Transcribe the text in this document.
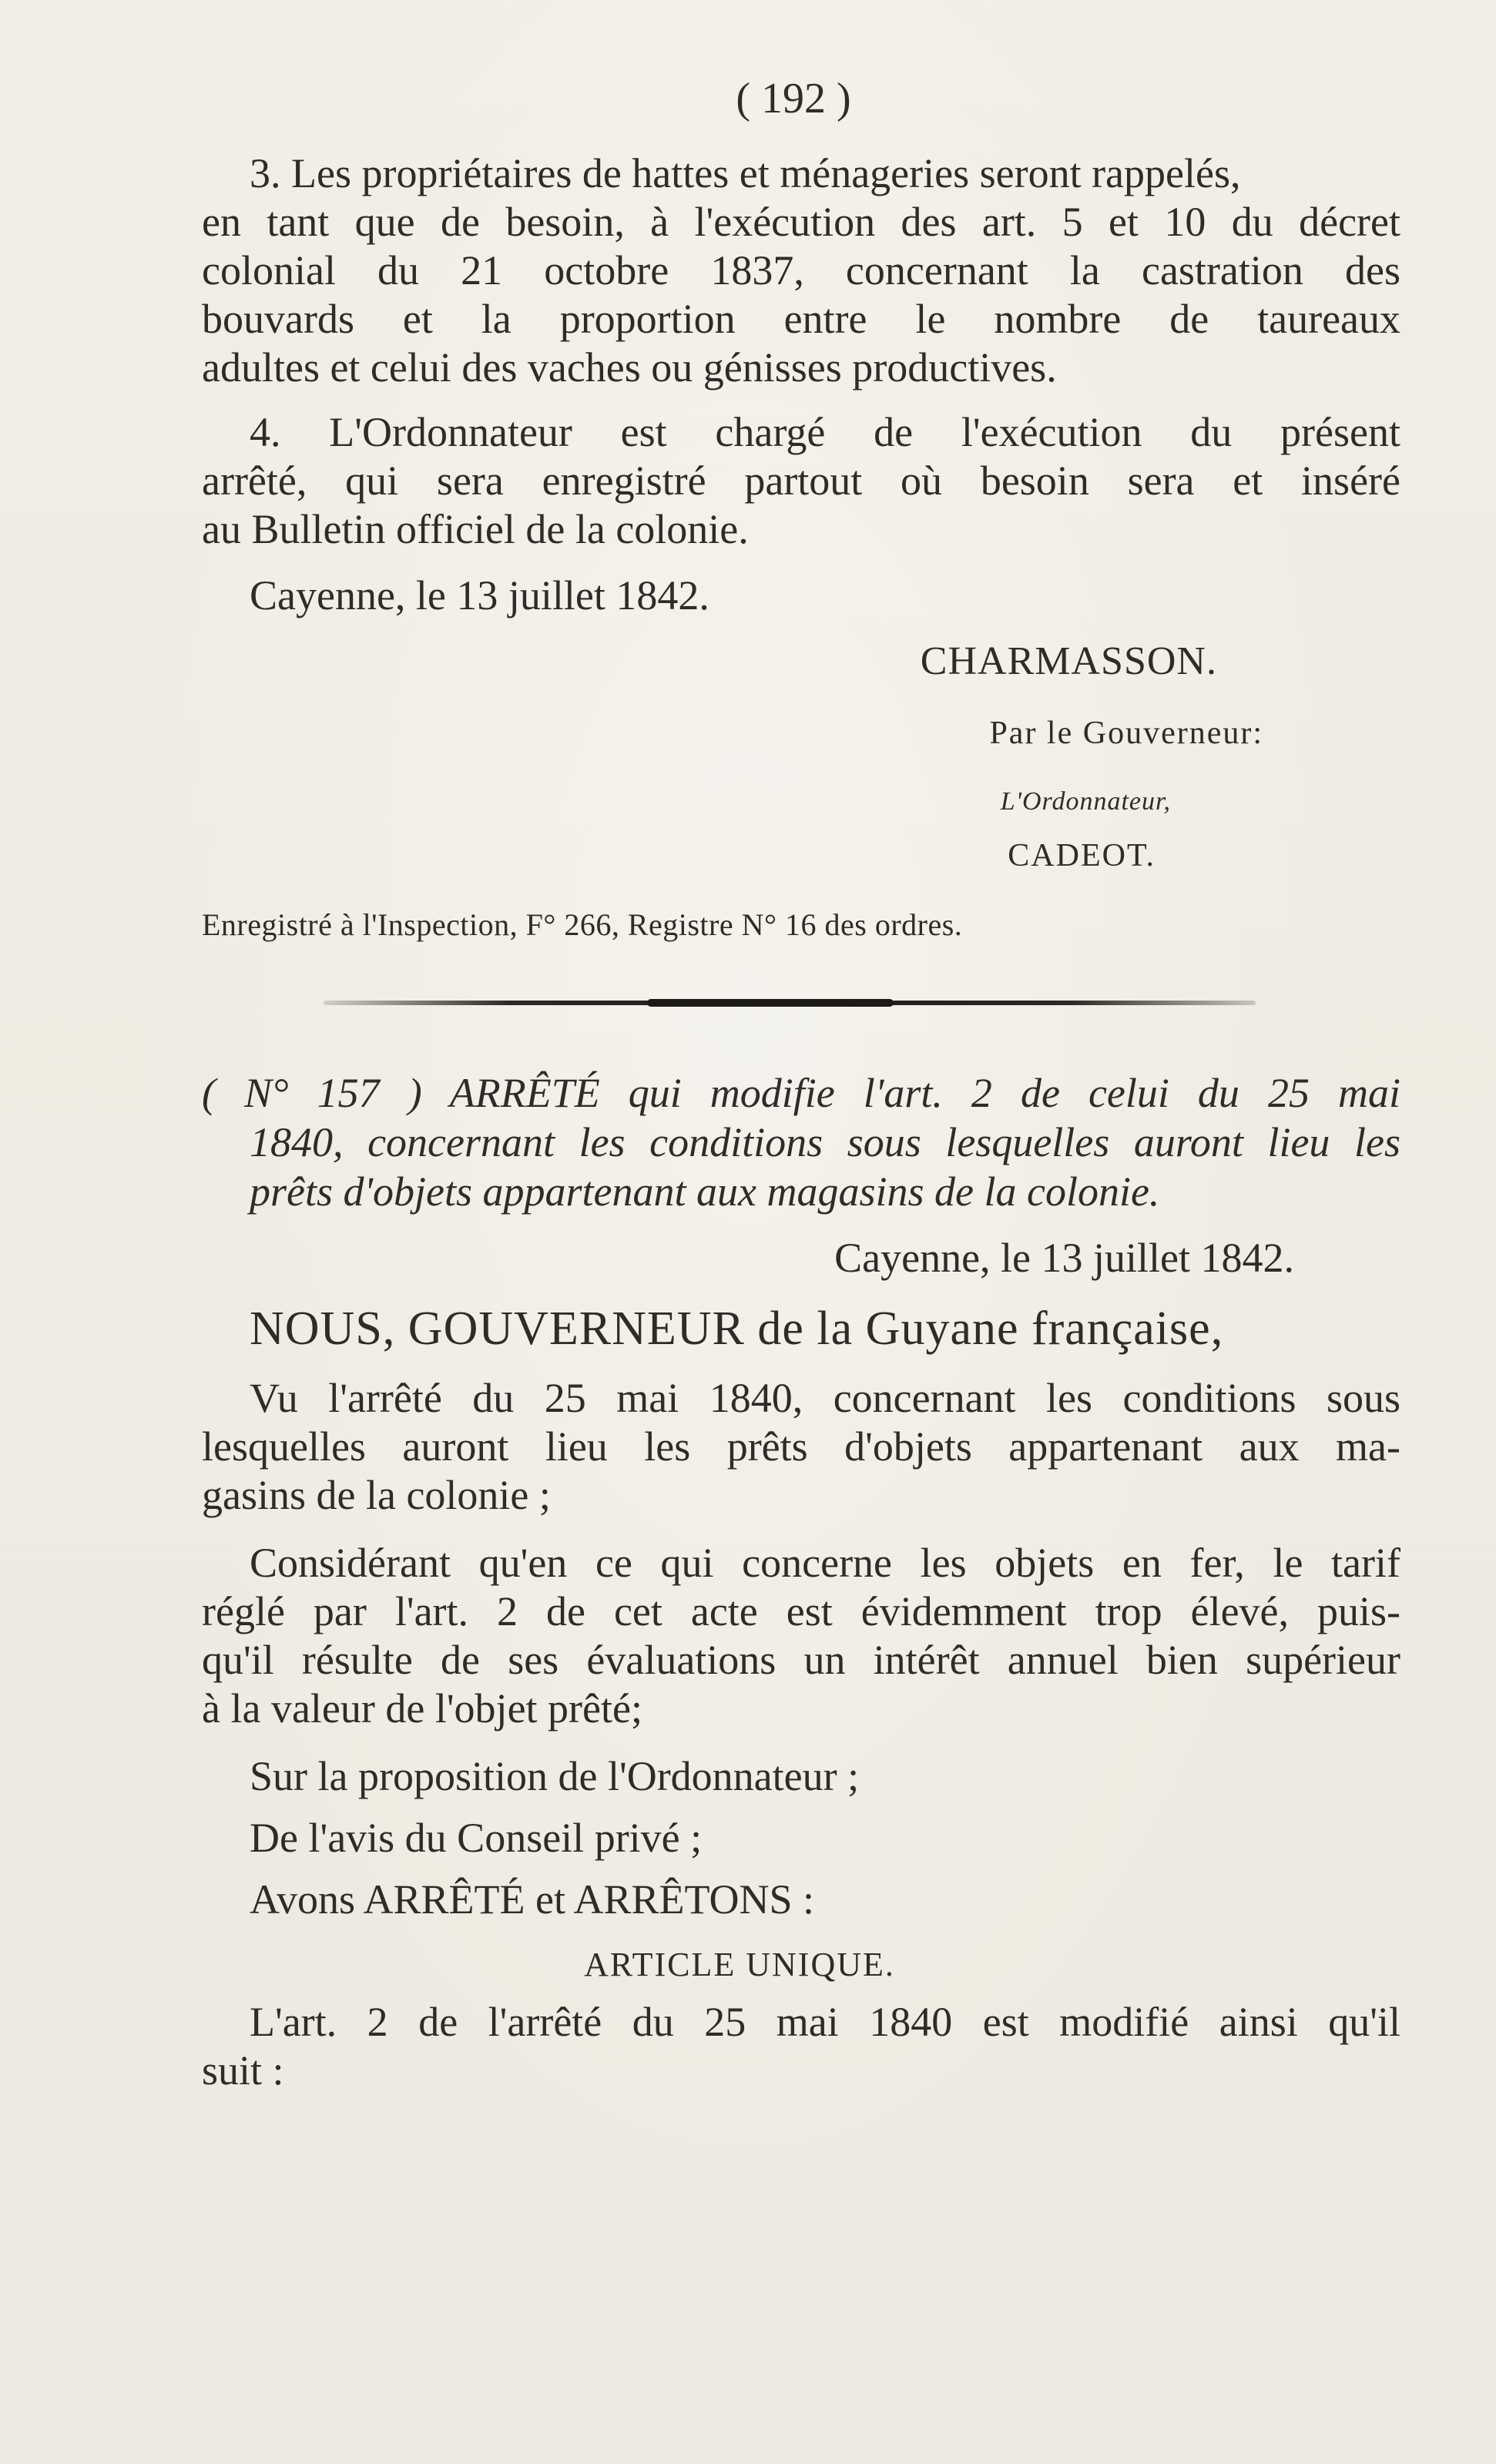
( 192 )
3. Les propriétaires de hattes et ménageries seront rappelés,
en tant que de besoin, à l'exécution des art. 5 et 10 du décret
colonial du 21 octobre 1837, concernant la castration des
bouvards et la proportion entre le nombre de taureaux
adultes et celui des vaches ou génisses productives.
4. L'Ordonnateur est chargé de l'exécution du présent
arrêté, qui sera enregistré partout où besoin sera et inséré
au Bulletin officiel de la colonie.
Cayenne, le 13 juillet 1842.
CHARMASSON.
Par le Gouverneur:
L'Ordonnateur,
CADEOT.
Enregistré à l'Inspection, F° 266, Registre N° 16 des ordres.
( N° 157 ) ARRÊTÉ qui modifie l'art. 2 de celui du 25 mai
1840, concernant les conditions sous lesquelles auront lieu les
prêts d'objets appartenant aux magasins de la colonie.
Cayenne, le 13 juillet 1842.
NOUS, GOUVERNEUR de la Guyane française,
Vu l'arrêté du 25 mai 1840, concernant les conditions sous
lesquelles auront lieu les prêts d'objets appartenant aux ma-
gasins de la colonie ;
Considérant qu'en ce qui concerne les objets en fer, le tarif
réglé par l'art. 2 de cet acte est évidemment trop élevé, puis-
qu'il résulte de ses évaluations un intérêt annuel bien supérieur
à la valeur de l'objet prêté;
Sur la proposition de l'Ordonnateur ;
De l'avis du Conseil privé ;
Avons ARRÊTÉ et ARRÊTONS :
ARTICLE UNIQUE.
L'art. 2 de l'arrêté du 25 mai 1840 est modifié ainsi qu'il
suit :
